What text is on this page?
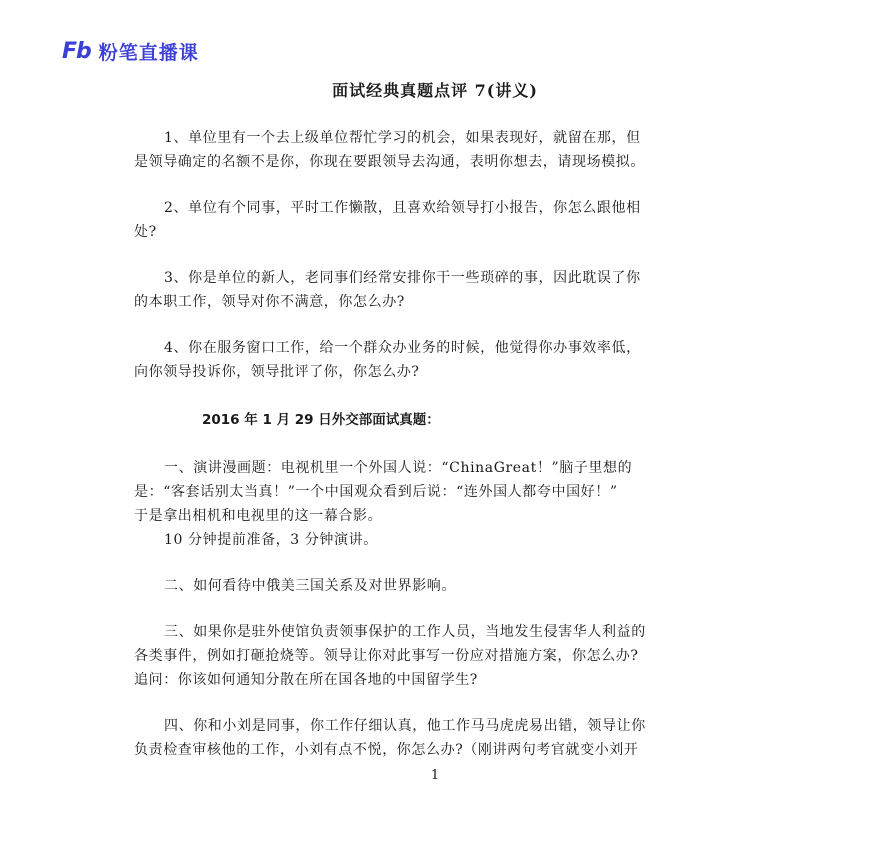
Fb 粉笔直播课
面试经典真题点评 7(讲义)

1、单位里有一个去上级单位帮忙学习的机会，如果表现好，就留在那，但

是领导确定的名额不是你，你现在要跟领导去沟通，表明你想去，请现场模拟。

2、单位有个同事，平时工作懒散，且喜欢给领导打小报告，你怎么跟他相

处?

3、你是单位的新人，老同事们经常安排你干一些琐碎的事，因此耽误了你

的本职工作，领导对你不满意，你怎么办?

4、你在服务窗口工作，给一个群众办业务的时候，他觉得你办事效率低，

向你领导投诉你，领导批评了你，你怎么办?

2016 年 1 月 29 日外交部面试真题：

一、演讲漫画题：电视机里一个外国人说：“ChinaGreat！”脑子里想的

是：“客套话别太当真！”一个中国观众看到后说：“连外国人都夸中国好！”

于是拿出相机和电视里的这一幕合影。

10 分钟提前准备，3 分钟演讲。

二、如何看待中俄美三国关系及对世界影响。

三、如果你是驻外使馆负责领事保护的工作人员，当地发生侵害华人利益的

各类事件，例如打砸抢烧等。领导让你对此事写一份应对措施方案，你怎么办?

追问：你该如何通知分散在所在国各地的中国留学生?

四、你和小刘是同事，你工作仔细认真，他工作马马虎虎易出错，领导让你

负责检查审核他的工作，小刘有点不悦，你怎么办?（刚讲两句考官就变小刘开

1
